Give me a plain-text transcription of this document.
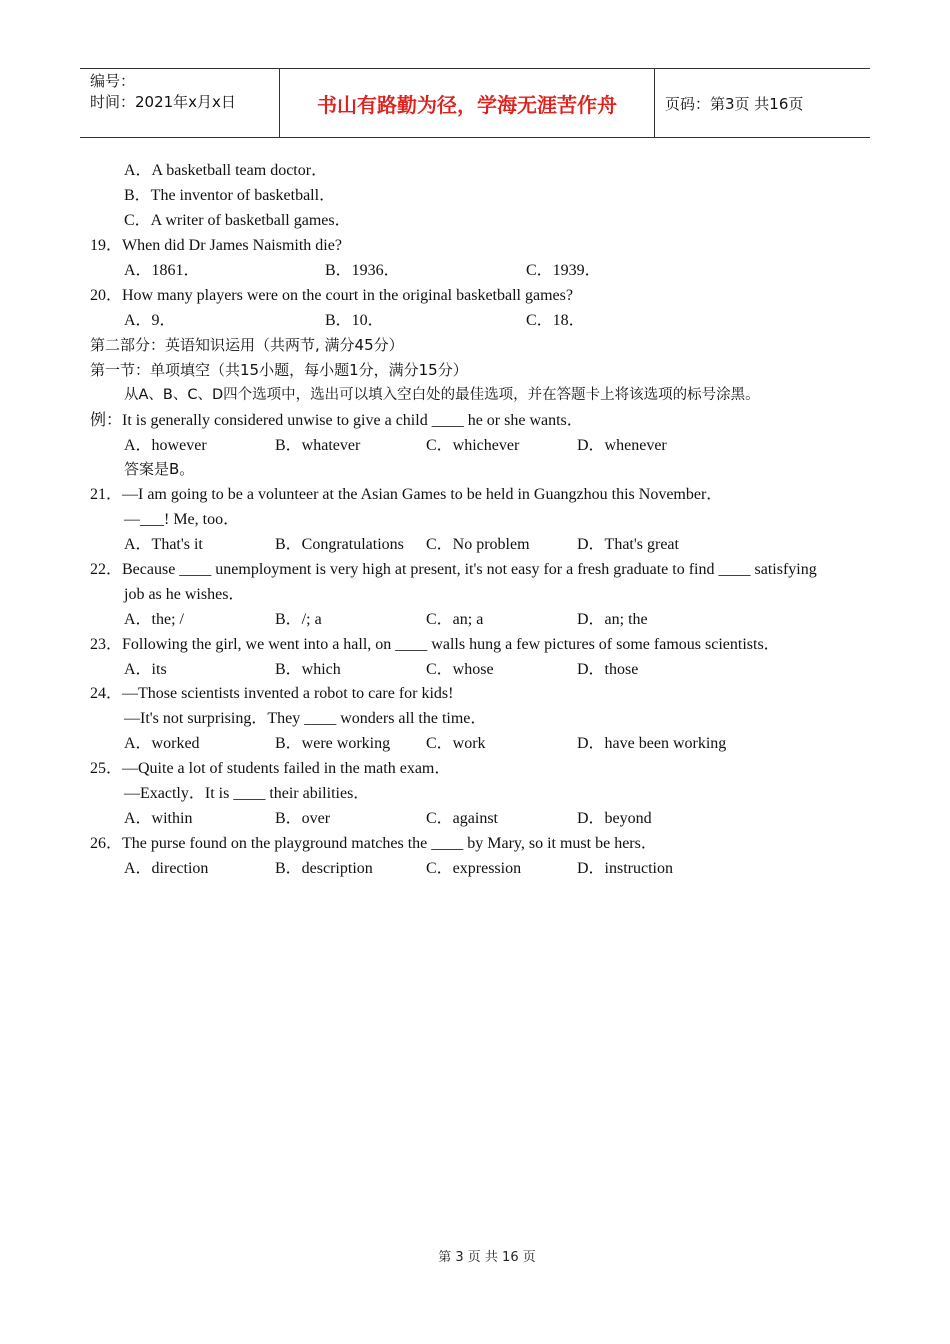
编号：
时间：2021年x月x日	书山有路勤为径，学海无涯苦作舟	页码：第3页 共16页
A．A basketball team doctor．
B．The inventor of basketball．
C．A writer of basketball games．
19．When did Dr James Naismith die?
A．1861．	B．1936．	C．1939．
20．How many players were on the court in the original basketball games?
A．9．	B．10．	C．18．
第二部分：英语知识运用（共两节, 满分45分）
第一节：单项填空（共15小题，每小题1分，满分15分）
从A、B、C、D四个选项中，选出可以填入空白处的最佳选项，并在答题卡上将该选项的标号涂黑。
例：It is generally considered unwise to give a child ____ he or she wants．
A．however	B．whatever	C．whichever	D．whenever
答案是B。
21．—I am going to be a volunteer at the Asian Games to be held in Guangzhou this November．
—___! Me, too．
A．That's it	B．Congratulations C．No problem	D．That's great
22．Because ____ unemployment is very high at present, it's not easy for a fresh graduate to find ____ satisfying
job as he wishes．
A．the; /	B．/; a	C．an; a	D．an; the
23．Following the girl, we went into a hall, on ____ walls hung a few pictures of some famous scientists．
A．its	B．which	C．whose	D．those
24．—Those scientists invented a robot to care for kids!
—It's not surprising．They ____ wonders all the time．
A．worked	B．were working C．work	D．have been working
25．—Quite a lot of students failed in the math exam．
—Exactly．It is ____ their abilities．
A．within	B．over	C．against	D．beyond
26．The purse found on the playground matches the ____ by Mary, so it must be hers．
A．direction	B．description	C．expression	D．instruction
第 3 页 共 16 页
